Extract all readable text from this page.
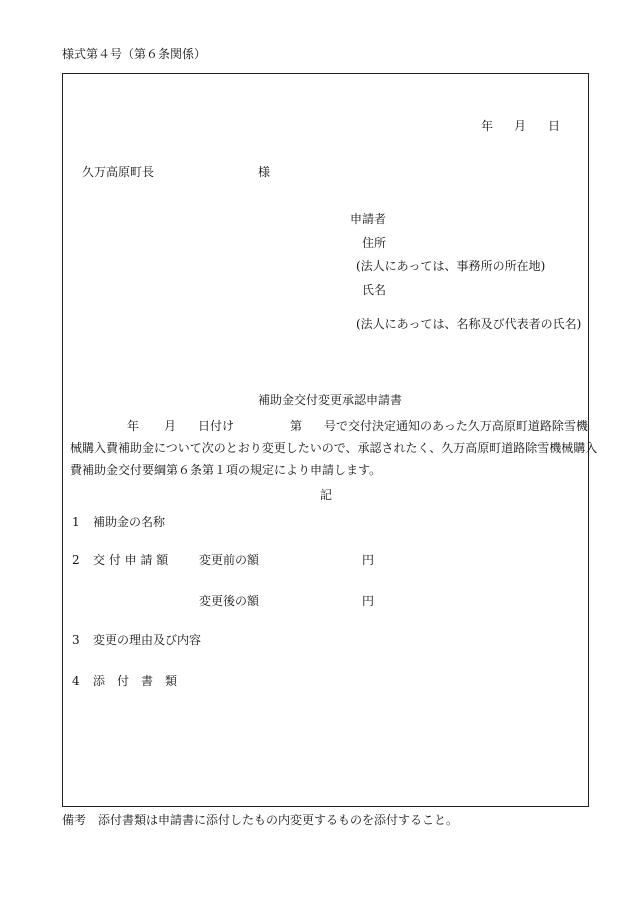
様式第４号（第６条関係）
年 月 日
久万高原町長	様
申請者
住所
(法人にあっては、事務所の所在地)
氏名
(法人にあっては、名称及び代表者の氏名)
補助金交付変更承認申請書
年 月 日付け	第 号で交付決定通知のあった久万高原町道路除雪機
械購入費補助金について次のとおり変更したいので、承認されたく、久万高原町道路除雪機械購入
費補助金交付要綱第６条第１項の規定により申請します。
記
1 補助金の名称
2 交 付 申 請 額	変更前の額	円
変更後の額	円
3 変更の理由及び内容
4 添　付　書　類
備考　添付書類は申請書に添付したもの内変更するものを添付すること。
